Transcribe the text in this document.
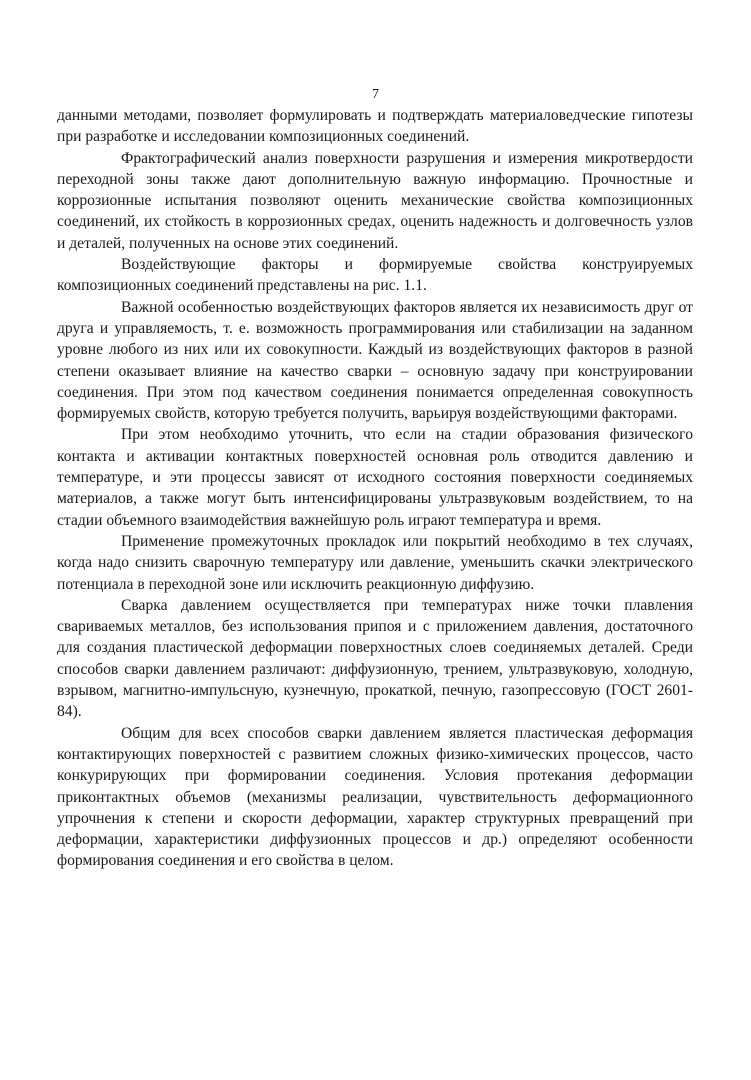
7

данными методами, позволяет формулировать и подтверждать материаловедческие гипотезы при разработке и исследовании композиционных соединений.

Фрактографический анализ поверхности разрушения и измерения микротвердости переходной зоны также дают дополнительную важную информацию. Прочностные и коррозионные испытания позволяют оценить механические свойства композиционных соединений, их стойкость в коррозионных средах, оценить надежность и долговечность узлов и деталей, полученных на основе этих соединений.

Воздействующие факторы и формируемые свойства конструируемых композиционных соединений представлены на рис. 1.1.

Важной особенностью воздействующих факторов является их независимость друг от друга и управляемость, т. е. возможность программирования или стабилизации на заданном уровне любого из них или их совокупности. Каждый из воздействующих факторов в разной степени оказывает влияние на качество сварки – основную задачу при конструировании соединения. При этом под качеством соединения понимается определенная совокупность формируемых свойств, которую требуется получить, варьируя воздействующими факторами.

При этом необходимо уточнить, что если на стадии образования физического контакта и активации контактных поверхностей основная роль отводится давлению и температуре, и эти процессы зависят от исходного состояния поверхности соединяемых материалов, а также могут быть интенсифицированы ультразвуковым воздействием, то на стадии объемного взаимодействия важнейшую роль играют температура и время.

Применение промежуточных прокладок или покрытий необходимо в тех случаях, когда надо снизить сварочную температуру или давление, уменьшить скачки электрического потенциала в переходной зоне или исключить реакционную диффузию.

Сварка давлением осуществляется при температурах ниже точки плавления свариваемых металлов, без использования припоя и с приложением давления, достаточного для создания пластической деформации поверхностных слоев соединяемых деталей. Среди способов сварки давлением различают: диффузионную, трением, ультразвуковую, холодную, взрывом, магнитно-импульсную, кузнечную, прокаткой, печную, газопрессовую (ГОСТ 2601-84).

Общим для всех способов сварки давлением является пластическая деформация контактирующих поверхностей с развитием сложных физико-химических процессов, часто конкурирующих при формировании соединения. Условия протекания деформации приконтактных объемов (механизмы реализации, чувствительность деформационного упрочнения к степени и скорости деформации, характер структурных превращений при деформации, характеристики диффузионных процессов и др.) определяют особенности формирования соединения и его свойства в целом.
